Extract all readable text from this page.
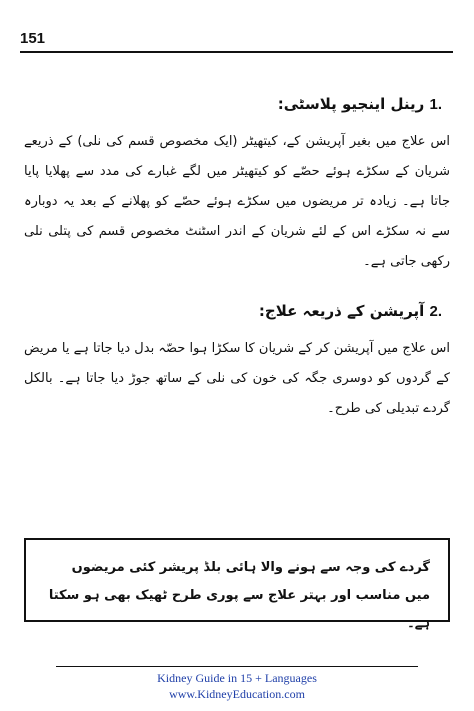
151
.1 رینل اینجیو پلاسٹی:

اس علاج میں بغیر آپریشن کے، کیتھیٹر (ایک مخصوص قسم کی نلی) کے ذریعے شریان کے سکڑے ہوئے حصّے کو کیتھیٹر میں لگے غبارے کی مدد سے پھلایا پایا جاتا ہے۔ زیادہ تر مریضوں میں سکڑے ہوئے حصّے کو پھلانے کے بعد یہ دوبارہ سے نہ سکڑے اس کے لئے شریان کے اندر اسٹنٹ مخصوص قسم کی پتلی نلی رکھی جاتی ہے۔

.2 آپریشن کے ذریعہ علاج:

اس علاج میں آپریشن کر کے شریان کا سکڑا ہوا حصّہ بدل دیا جاتا ہے یا مریض کے گردوں کو دوسری جگہ کی خون کی نلی کے ساتھ جوڑ دیا جاتا ہے۔ بالکل گردے تبدیلی کی طرح۔

گردے کی وجہ سے ہونے والا ہائی بلڈ پریشر کئی مریضوں میں مناسب اور بہتر علاج سے پوری طرح ٹھیک بھی ہو سکتا ہے۔
Kidney Guide in 15 + Languages
www.KidneyEducation.com
